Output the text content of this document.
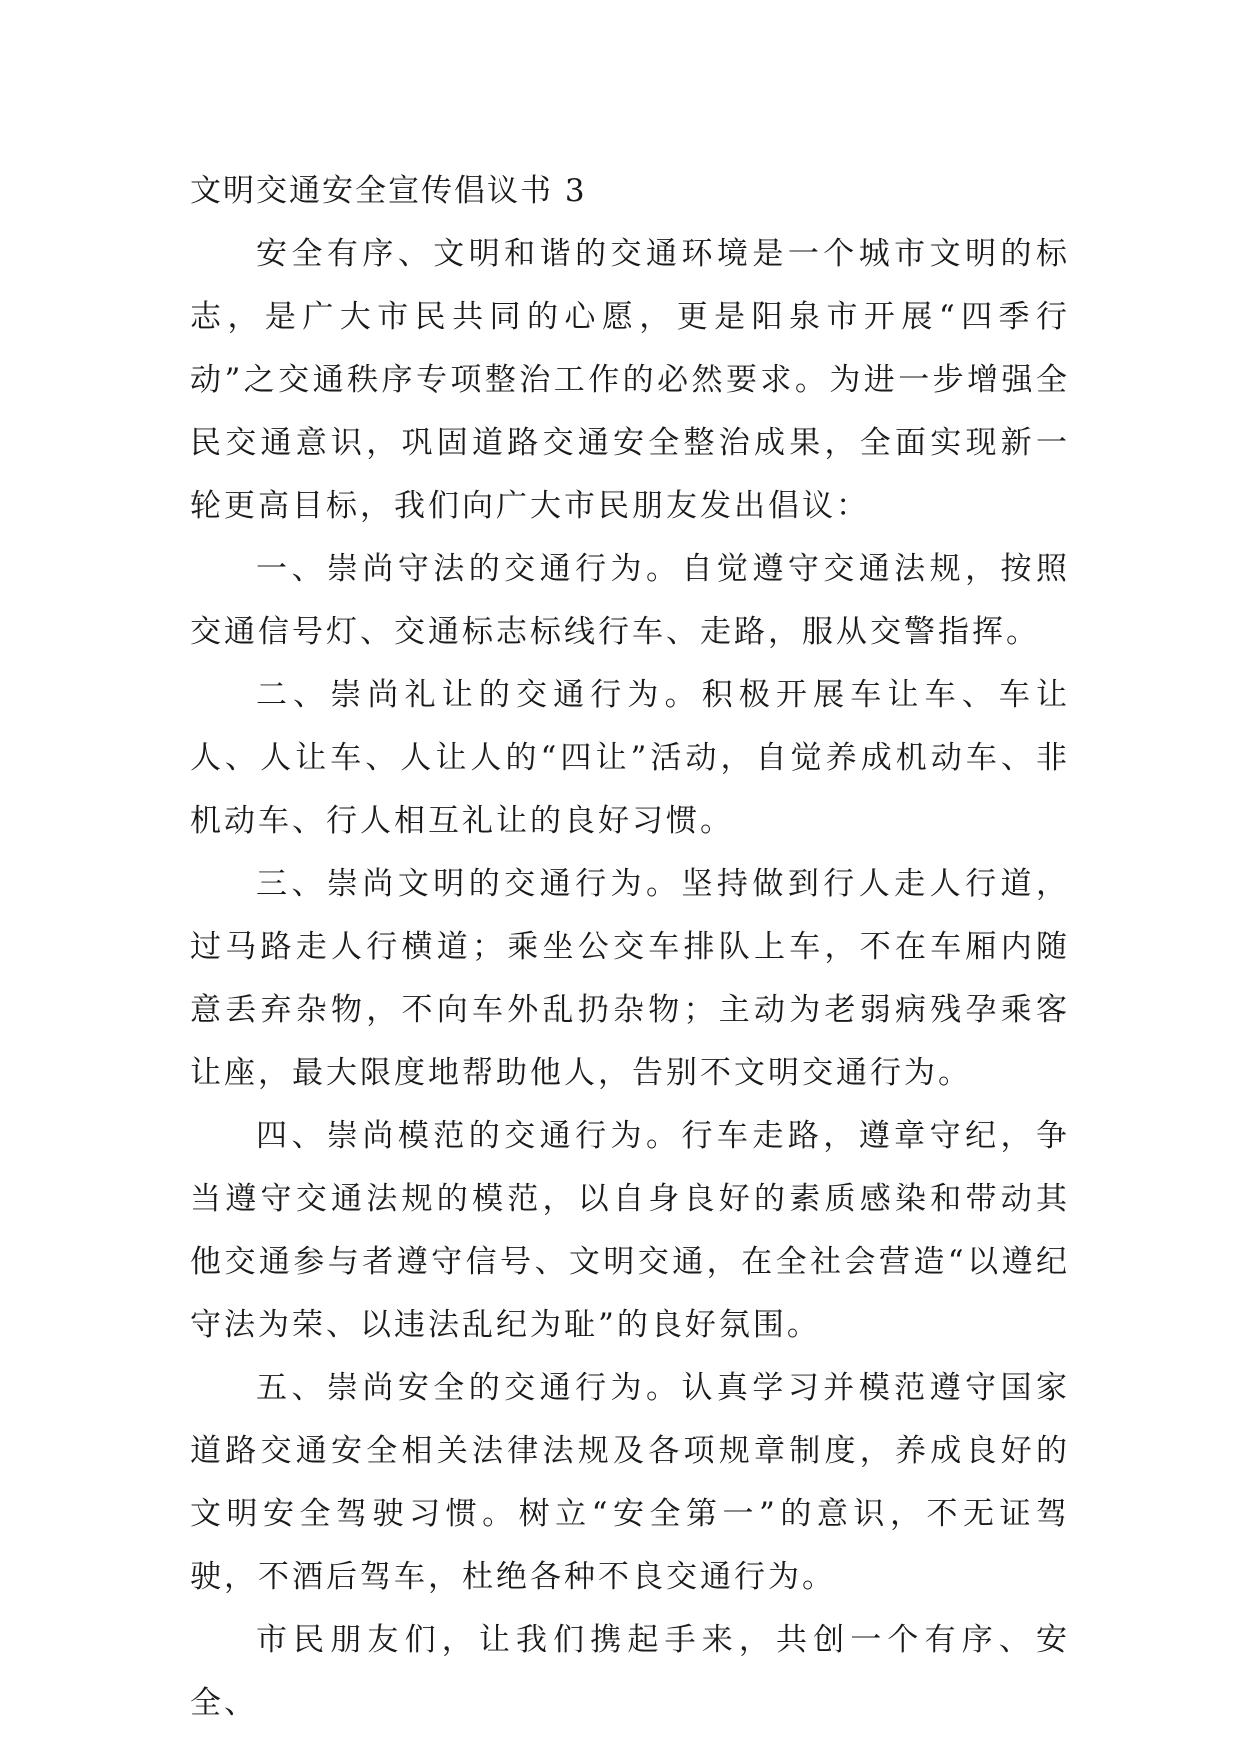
文明交通安全宣传倡议书 3

安全有序、文明和谐的交通环境是一个城市文明的标志，是广大市民共同的心愿，更是阳泉市开展“四季行动”之交通秩序专项整治工作的必然要求。为进一步增强全民交通意识，巩固道路交通安全整治成果，全面实现新一轮更高目标，我们向广大市民朋友发出倡议：

一、崇尚守法的交通行为。自觉遵守交通法规，按照交通信号灯、交通标志标线行车、走路，服从交警指挥。

二、崇尚礼让的交通行为。积极开展车让车、车让人、人让车、人让人的“四让”活动，自觉养成机动车、非机动车、行人相互礼让的良好习惯。

三、崇尚文明的交通行为。坚持做到行人走人行道，过马路走人行横道；乘坐公交车排队上车，不在车厢内随意丢弃杂物，不向车外乱扔杂物；主动为老弱病残孕乘客让座，最大限度地帮助他人，告别不文明交通行为。

四、崇尚模范的交通行为。行车走路，遵章守纪，争当遵守交通法规的模范，以自身良好的素质感染和带动其他交通参与者遵守信号、文明交通，在全社会营造“以遵纪守法为荣、以违法乱纪为耻”的良好氛围。

五、崇尚安全的交通行为。认真学习并模范遵守国家道路交通安全相关法律法规及各项规章制度，养成良好的文明安全驾驶习惯。树立“安全第一”的意识，不无证驾驶，不酒后驾车，杜绝各种不良交通行为。

市民朋友们，让我们携起手来，共创一个有序、安全、
